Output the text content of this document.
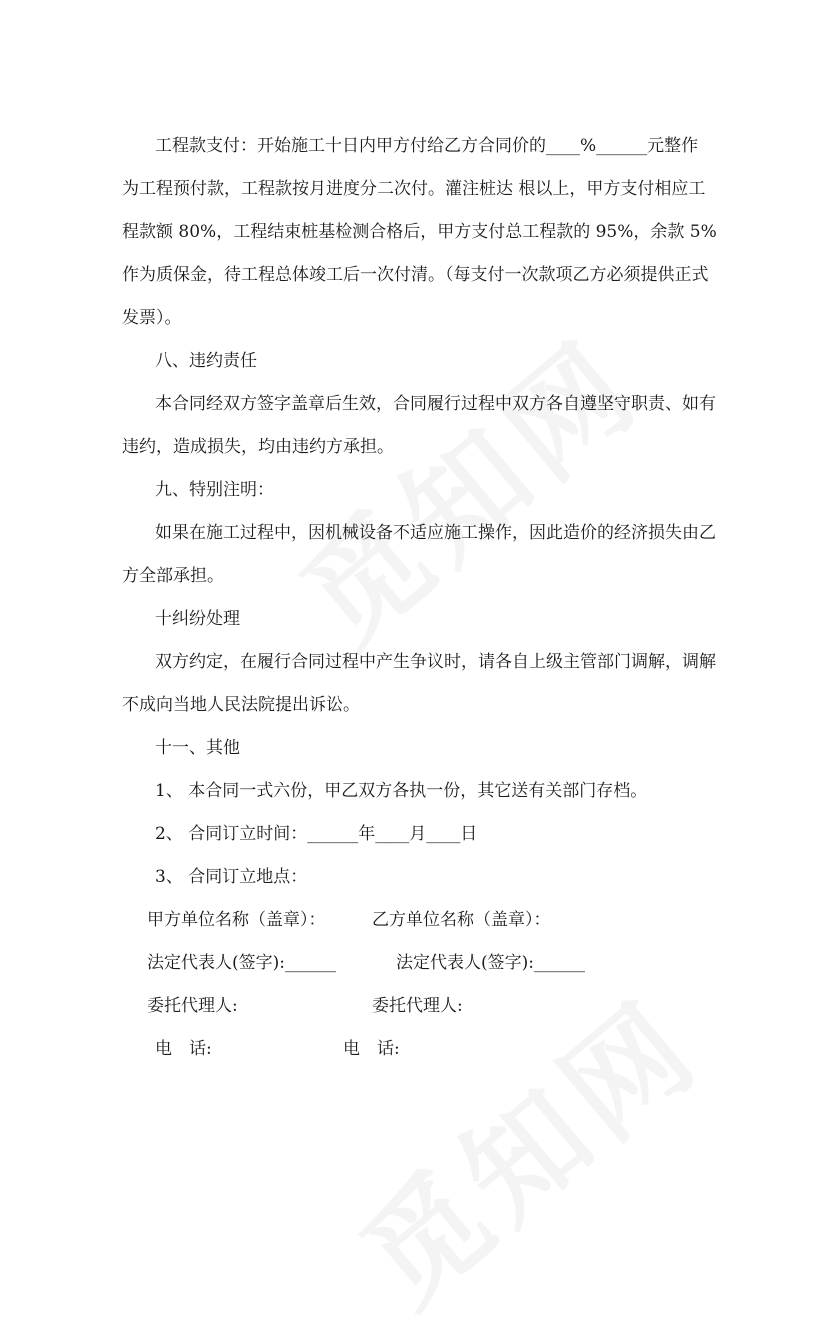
工程款支付：开始施工十日内甲方付给乙方合同价的____%______元整作
为工程预付款，工程款按月进度分二次付。灌注桩达 根以上，甲方支付相应工
程款额 80%，工程结束桩基检测合格后，甲方支付总工程款的 95%，余款 5%
作为质保金，待工程总体竣工后一次付清。（每支付一次款项乙方必须提供正式
发票）。
八、违约责任
本合同经双方签字盖章后生效，合同履行过程中双方各自遵坚守职责、如有
违约，造成损失，均由违约方承担。
九、特别注明：
如果在施工过程中，因机械设备不适应施工操作，因此造价的经济损失由乙
方全部承担。
十纠纷处理
双方约定，在履行合同过程中产生争议时，请各自上级主管部门调解，调解
不成向当地人民法院提出诉讼。
十一、其他
1、 本合同一式六份，甲乙双方各执一份，其它送有关部门存档。
2、 合同订立时间：______年____月____日
3、 合同订立地点：
甲方单位名称（盖章）：	乙方单位名称（盖章）：
法定代表人(签字):______	法定代表人(签字):______
委托代理人:	委托代理人:
电　话:	电　话:
